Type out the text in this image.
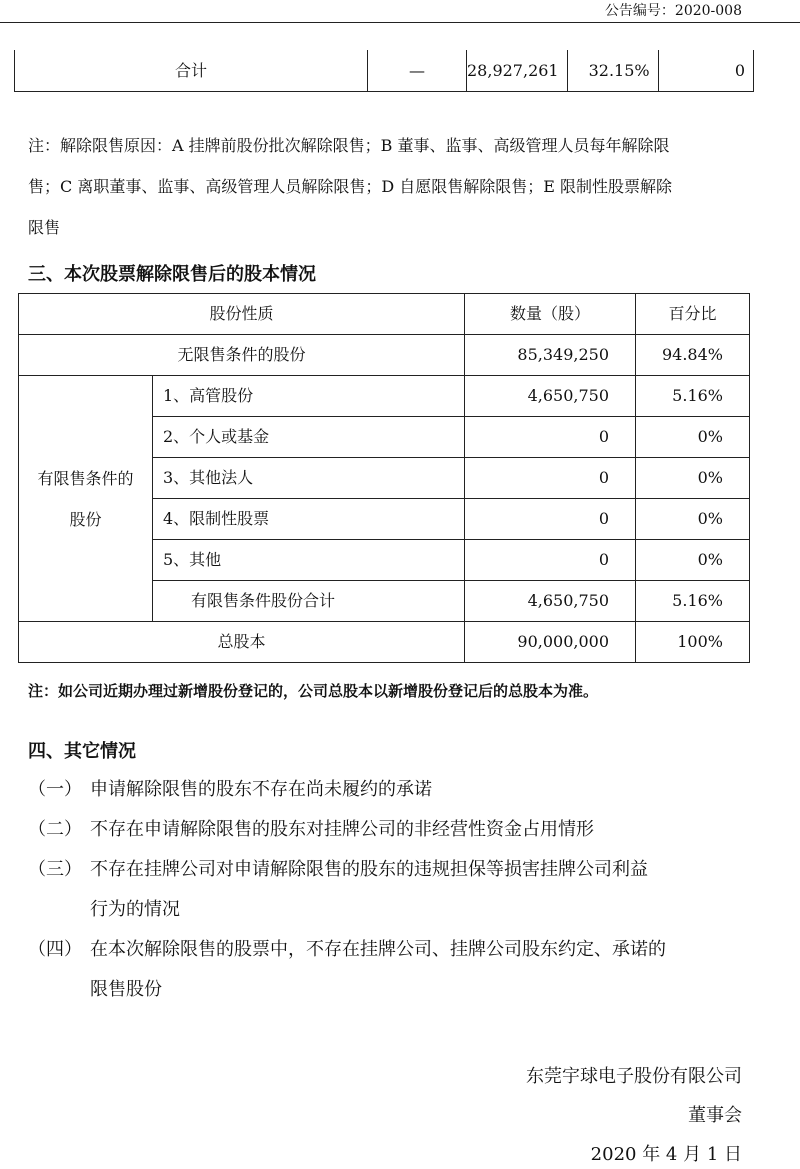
公告编号：2020-008
合计	—	28,927,261	32.15%	0
注：解除限售原因：A 挂牌前股份批次解除限售；B 董事、监事、高级管理人员每年解除限
售；C 离职董事、监事、高级管理人员解除限售；D 自愿限售解除限售；E 限制性股票解除
限售
三、本次股票解除限售后的股本情况
股份性质		数量（股）	百分比
无限售条件的股份		85,349,250	94.84%

有限售条件的
股份	1、高管股份	4,650,750	5.16%
	2、个人或基金	0	0%
	3、其他法人	0	0%
	4、限制性股票	0	0%
	5、其他	0	0%
	有限售条件股份合计	4,650,750	5.16%
总股本		90,000,000	100%
注：如公司近期办理过新增股份登记的，公司总股本以新增股份登记后的总股本为准。
四、其它情况
（一） 申请解除限售的股东不存在尚未履约的承诺
（二） 不存在申请解除限售的股东对挂牌公司的非经营性资金占用情形
（三） 不存在挂牌公司对申请解除限售的股东的违规担保等损害挂牌公司利益
行为的情况
（四） 在本次解除限售的股票中，不存在挂牌公司、挂牌公司股东约定、承诺的
限售股份
东莞宇球电子股份有限公司
董事会
2020 年 4 月 1 日
